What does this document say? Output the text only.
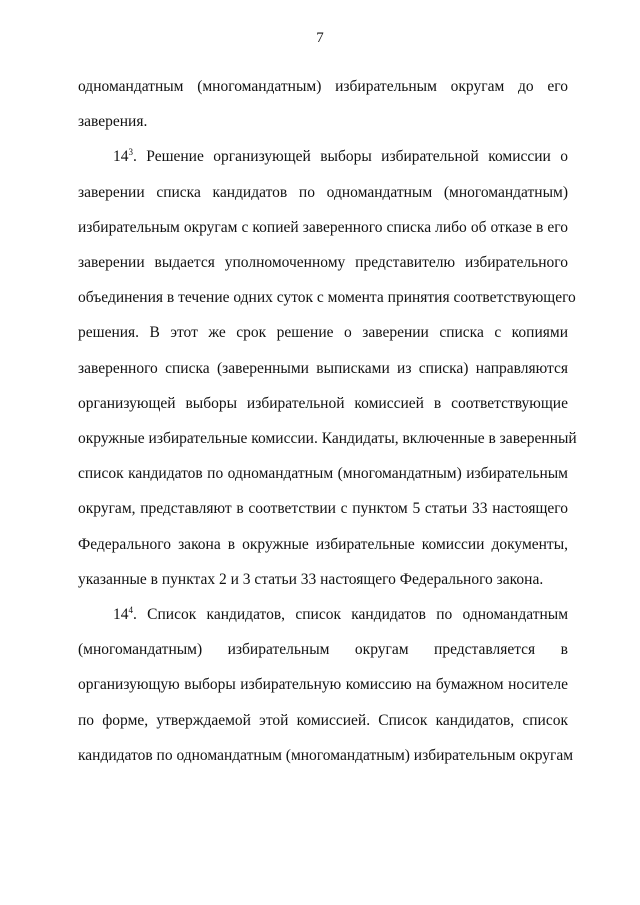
7
одномандатным (многомандатным) избирательным округам до его
заверения.
$14^3$. Решение организующей выборы избирательной комиссии о
заверении списка кандидатов по одномандатным (многомандатным)
избирательным округам с копией заверенного списка либо об отказе в его
заверении выдается уполномоченному представителю избирательного
объединения в течение одних суток с момента принятия соответствующего
решения. В этот же срок решение о заверении списка с копиями
заверенного списка (заверенными выписками из списка) направляются
организующей выборы избирательной комиссией в соответствующие
окружные избирательные комиссии. Кандидаты, включенные в заверенный
список кандидатов по одномандатным (многомандатным) избирательным
округам, представляют в соответствии с пунктом 5 статьи 33 настоящего
Федерального закона в окружные избирательные комиссии документы,
указанные в пунктах 2 и 3 статьи 33 настоящего Федерального закона.
$14^4$. Список кандидатов, список кандидатов по одномандатным
(многомандатным) избирательным округам представляется в
организующую выборы избирательную комиссию на бумажном носителе
по форме, утверждаемой этой комиссией. Список кандидатов, список
кандидатов по одномандатным (многомандатным) избирательным округам
